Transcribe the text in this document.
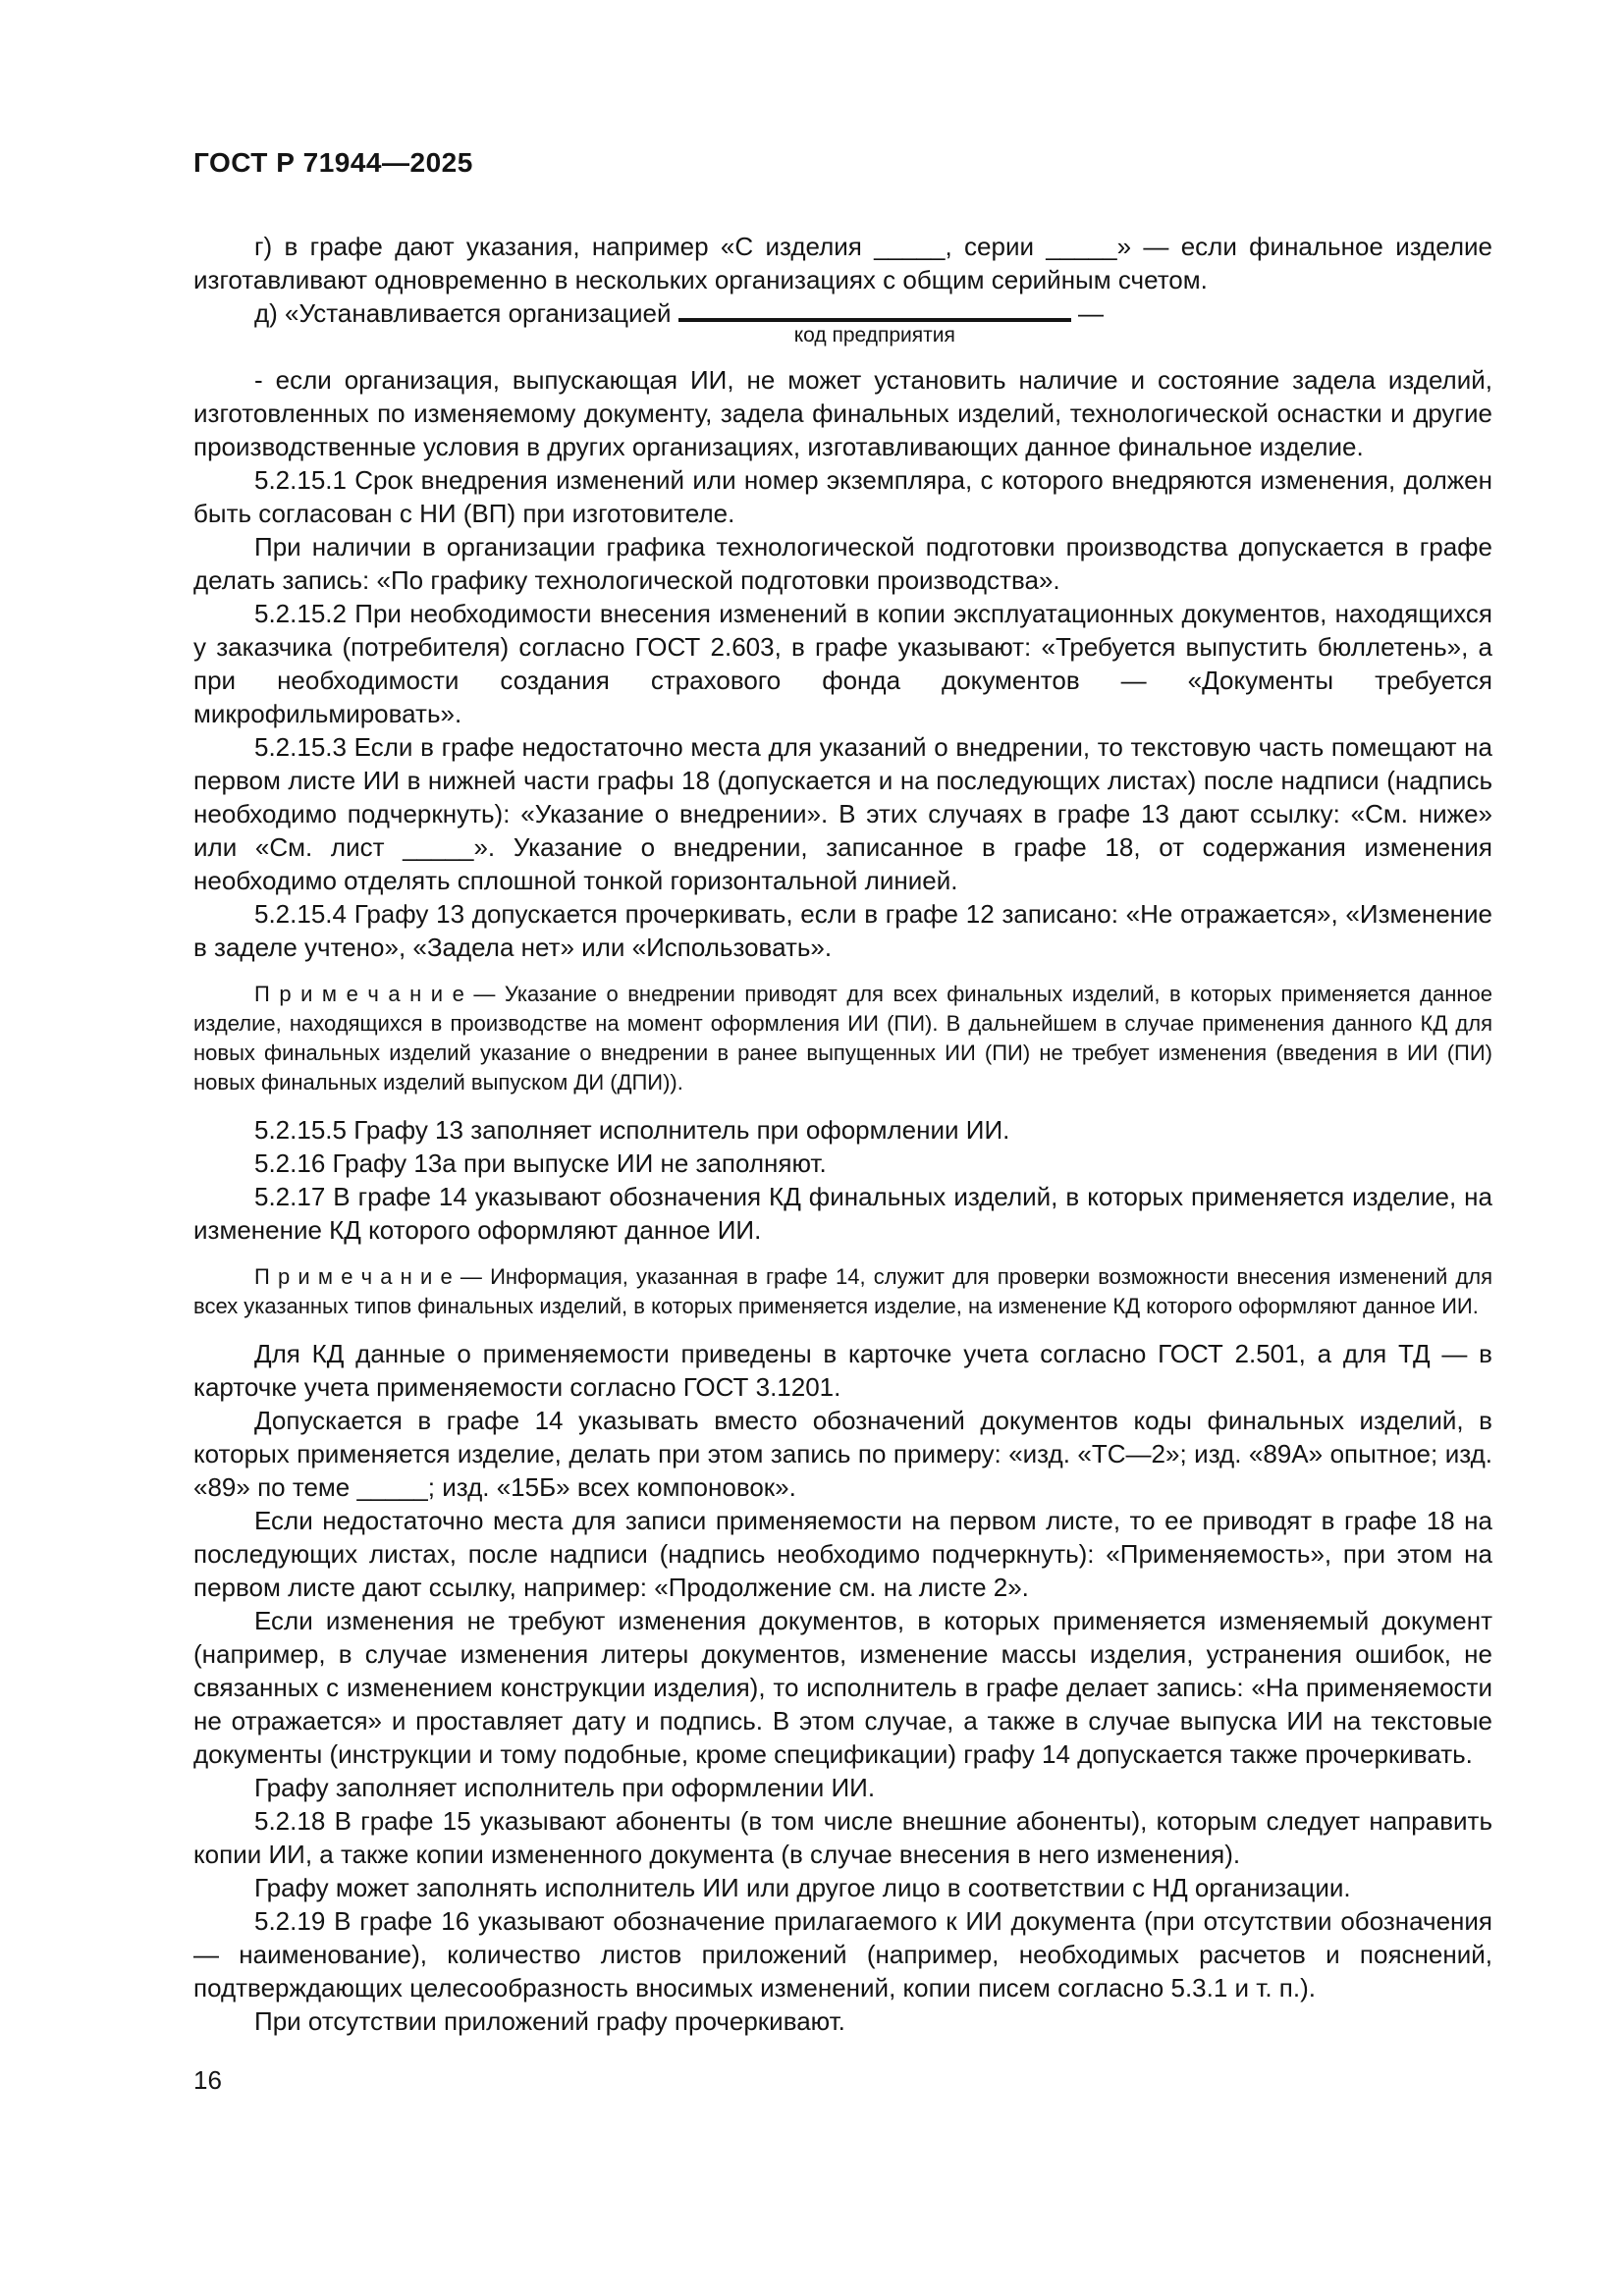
ГОСТ Р 71944—2025

г) в графе дают указания, например «С изделия _____, серии _____» — если финальное изделие изготавливают одновременно в нескольких организациях с общим серийным счетом.

д) «Устанавливается организацией
код предприятия
—

- если организация, выпускающая ИИ, не может установить наличие и состояние задела изделий, изготовленных по изменяемому документу, задела финальных изделий, технологической оснастки и другие производственные условия в других организациях, изготавливающих данное финальное изделие.

5.2.15.1 Срок внедрения изменений или номер экземпляра, с которого внедряются изменения, должен быть согласован с НИ (ВП) при изготовителе.

При наличии в организации графика технологической подготовки производства допускается в графе делать запись: «По графику технологической подготовки производства».

5.2.15.2 При необходимости внесения изменений в копии эксплуатационных документов, находящихся у заказчика (потребителя) согласно ГОСТ 2.603, в графе указывают: «Требуется выпустить бюллетень», а при необходимости создания страхового фонда документов — «Документы требуется микрофильмировать».

5.2.15.3 Если в графе недостаточно места для указаний о внедрении, то текстовую часть помещают на первом листе ИИ в нижней части графы 18 (допускается и на последующих листах) после надписи (надпись необходимо подчеркнуть): «Указание о внедрении». В этих случаях в графе 13 дают ссылку: «См. ниже» или «См. лист _____». Указание о внедрении, записанное в графе 18, от содержания изменения необходимо отделять сплошной тонкой горизонтальной линией.

5.2.15.4 Графу 13 допускается прочеркивать, если в графе 12 записано: «Не отражается», «Изменение в заделе учтено», «Задела нет» или «Использовать».

П р и м е ч а н и е — Указание о внедрении приводят для всех финальных изделий, в которых применяется данное изделие, находящихся в производстве на момент оформления ИИ (ПИ). В дальнейшем в случае применения данного КД для новых финальных изделий указание о внедрении в ранее выпущенных ИИ (ПИ) не требует изменения (введения в ИИ (ПИ) новых финальных изделий выпуском ДИ (ДПИ)).

5.2.15.5 Графу 13 заполняет исполнитель при оформлении ИИ.

5.2.16 Графу 13а при выпуске ИИ не заполняют.

5.2.17 В графе 14 указывают обозначения КД финальных изделий, в которых применяется изделие, на изменение КД которого оформляют данное ИИ.

П р и м е ч а н и е — Информация, указанная в графе 14, служит для проверки возможности внесения изменений для всех указанных типов финальных изделий, в которых применяется изделие, на изменение КД которого оформляют данное ИИ.

Для КД данные о применяемости приведены в карточке учета согласно ГОСТ 2.501, а для ТД — в карточке учета применяемости согласно ГОСТ 3.1201.

Допускается в графе 14 указывать вместо обозначений документов коды финальных изделий, в которых применяется изделие, делать при этом запись по примеру: «изд. «ТС—2»; изд. «89А» опытное; изд. «89» по теме _____; изд. «15Б» всех компоновок».

Если недостаточно места для записи применяемости на первом листе, то ее приводят в графе 18 на последующих листах, после надписи (надпись необходимо подчеркнуть): «Применяемость», при этом на первом листе дают ссылку, например: «Продолжение см. на листе 2».

Если изменения не требуют изменения документов, в которых применяется изменяемый документ (например, в случае изменения литеры документов, изменение массы изделия, устранения ошибок, не связанных с изменением конструкции изделия), то исполнитель в графе делает запись: «На применяемости не отражается» и проставляет дату и подпись. В этом случае, а также в случае выпуска ИИ на текстовые документы (инструкции и тому подобные, кроме спецификации) графу 14 допускается также прочеркивать.

Графу заполняет исполнитель при оформлении ИИ.

5.2.18 В графе 15 указывают абоненты (в том числе внешние абоненты), которым следует направить копии ИИ, а также копии измененного документа (в случае внесения в него изменения).

Графу может заполнять исполнитель ИИ или другое лицо в соответствии с НД организации.

5.2.19 В графе 16 указывают обозначение прилагаемого к ИИ документа (при отсутствии обозначения — наименование), количество листов приложений (например, необходимых расчетов и пояснений, подтверждающих целесообразность вносимых изменений, копии писем согласно 5.3.1 и т. п.).

При отсутствии приложений графу прочеркивают.

16
